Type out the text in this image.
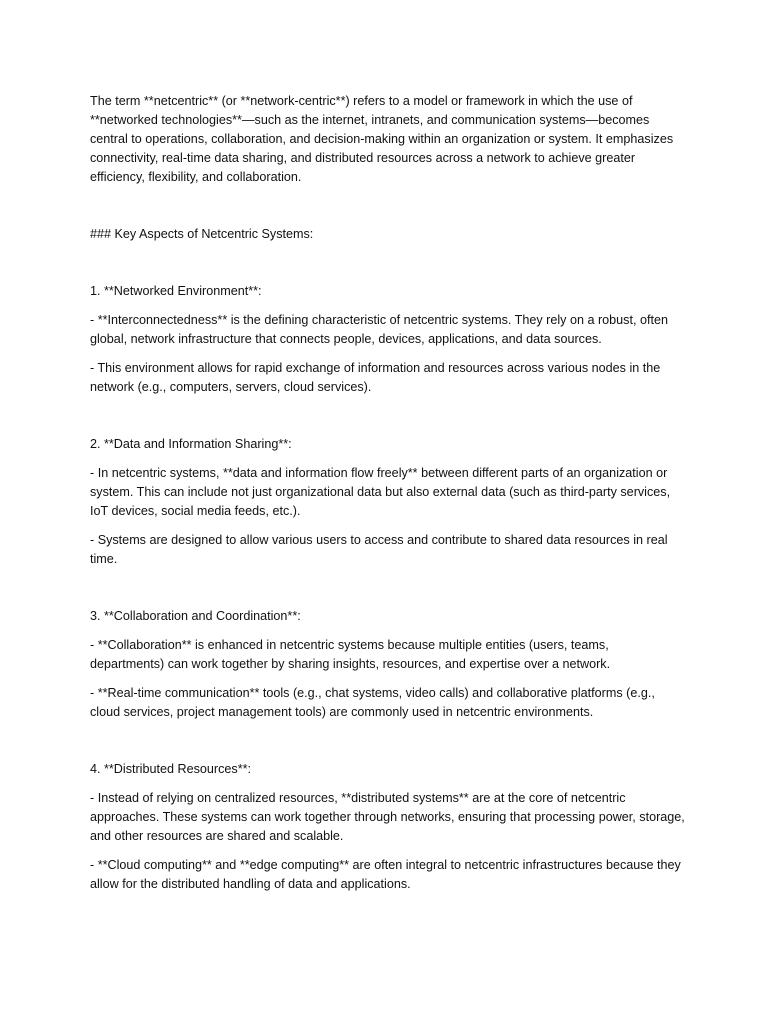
The term **netcentric** (or **network-centric**) refers to a model or framework in which the use of **networked technologies**—such as the internet, intranets, and communication systems—becomes central to operations, collaboration, and decision-making within an organization or system. It emphasizes connectivity, real-time data sharing, and distributed resources across a network to achieve greater efficiency, flexibility, and collaboration.

### Key Aspects of Netcentric Systems:

1. **Networked Environment**:

- **Interconnectedness** is the defining characteristic of netcentric systems. They rely on a robust, often global, network infrastructure that connects people, devices, applications, and data sources.

- This environment allows for rapid exchange of information and resources across various nodes in the network (e.g., computers, servers, cloud services).

2. **Data and Information Sharing**:

- In netcentric systems, **data and information flow freely** between different parts of an organization or system. This can include not just organizational data but also external data (such as third-party services, IoT devices, social media feeds, etc.).

- Systems are designed to allow various users to access and contribute to shared data resources in real time.

3. **Collaboration and Coordination**:

- **Collaboration** is enhanced in netcentric systems because multiple entities (users, teams, departments) can work together by sharing insights, resources, and expertise over a network.

- **Real-time communication** tools (e.g., chat systems, video calls) and collaborative platforms (e.g., cloud services, project management tools) are commonly used in netcentric environments.

4. **Distributed Resources**:

- Instead of relying on centralized resources, **distributed systems** are at the core of netcentric approaches. These systems can work together through networks, ensuring that processing power, storage, and other resources are shared and scalable.

- **Cloud computing** and **edge computing** are often integral to netcentric infrastructures because they allow for the distributed handling of data and applications.
